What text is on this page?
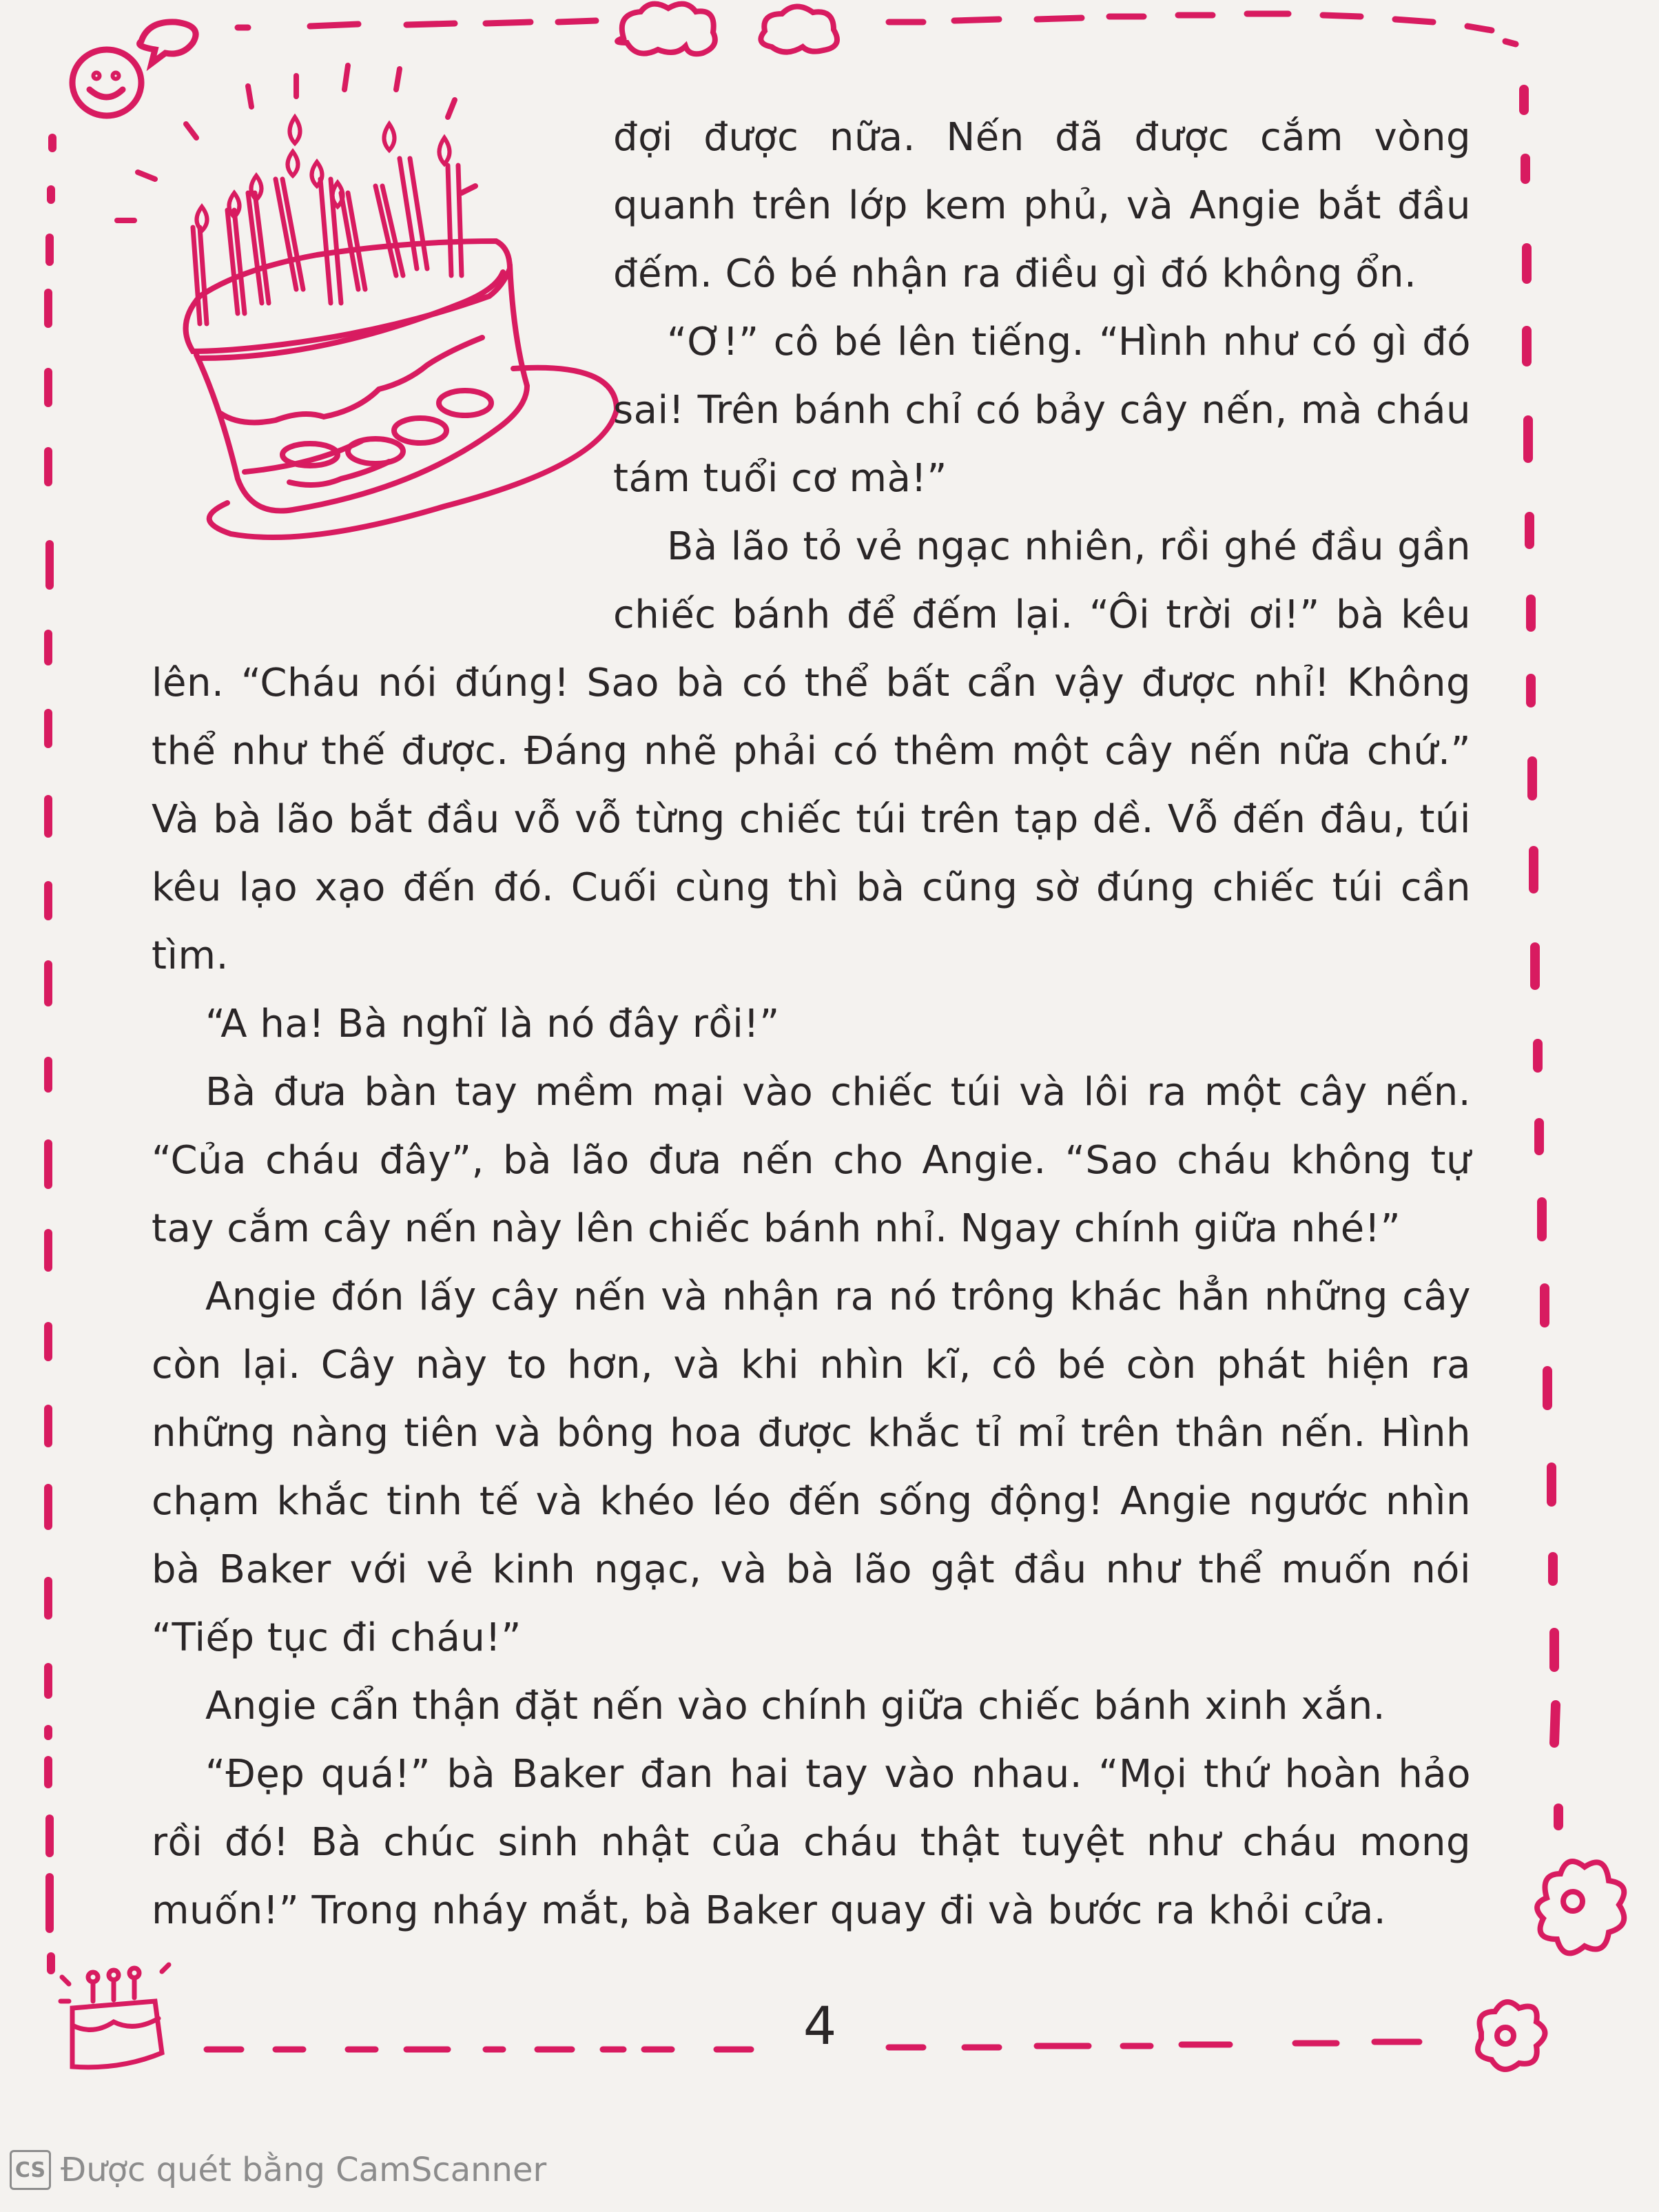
đợi được nữa. Nến đã được cắm vòng quanh trên lớp kem phủ, và Angie bắt đầu đếm. Cô bé nhận ra điều gì đó không ổn.

“Ơ!” cô bé lên tiếng. “Hình như có gì đó sai! Trên bánh chỉ có bảy cây nến, mà cháu tám tuổi cơ mà!”

Bà lão tỏ vẻ ngạc nhiên, rồi ghé đầu gần chiếc bánh để đếm lại. “Ôi trời ơi!” bà kêu lên. “Cháu nói đúng! Sao bà có thể bất cẩn vậy được nhỉ! Không thể như thế được. Đáng nhẽ phải có thêm một cây nến nữa chứ.” Và bà lão bắt đầu vỗ vỗ từng chiếc túi trên tạp dề. Vỗ đến đâu, túi kêu lạo xạo đến đó. Cuối cùng thì bà cũng sờ đúng chiếc túi cần tìm.

“A ha! Bà nghĩ là nó đây rồi!”

Bà đưa bàn tay mềm mại vào chiếc túi và lôi ra một cây nến. “Của cháu đây”, bà lão đưa nến cho Angie. “Sao cháu không tự tay cắm cây nến này lên chiếc bánh nhỉ. Ngay chính giữa nhé!”

Angie đón lấy cây nến và nhận ra nó trông khác hẳn những cây còn lại. Cây này to hơn, và khi nhìn kĩ, cô bé còn phát hiện ra những nàng tiên và bông hoa được khắc tỉ mỉ trên thân nến. Hình chạm khắc tinh tế và khéo léo đến sống động! Angie ngước nhìn bà Baker với vẻ kinh ngạc, và bà lão gật đầu như thể muốn nói “Tiếp tục đi cháu!”

Angie cẩn thận đặt nến vào chính giữa chiếc bánh xinh xắn.

“Đẹp quá!” bà Baker đan hai tay vào nhau. “Mọi thứ hoàn hảo rồi đó! Bà chúc sinh nhật của cháu thật tuyệt như cháu mong muốn!” Trong nháy mắt, bà Baker quay đi và bước ra khỏi cửa.

4
CS Được quét bằng CamScanner
